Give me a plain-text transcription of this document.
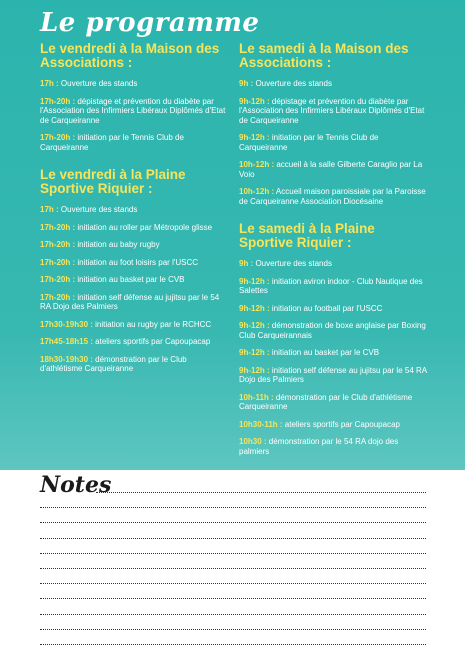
Le programme
Le vendredi à la Maison des Associations :
17h : Ouverture des stands
17h-20h : dépistage et prévention du diabète par l'Association des Infirmiers Libéraux Diplômés d'Etat de Carqueiranne
17h-20h : initiation par le Tennis Club de Carqueiranne
Le vendredi à la Plaine Sportive Riquier :
17h : Ouverture des stands
17h-20h : initiation au roller par Métropole glisse
17h-20h : initiation au baby rugby
17h-20h : initiation au foot loisirs par l'USCC
17h-20h : initiation au basket par le CVB
17h-20h : initiation self défense au jujitsu par le 54 RA Dojo des Palmiers
17h30-19h30 : initiation au rugby par le RCHCC
17h45-18h15 : ateliers sportifs par Capoupacap
18h30-19h30 : démonstration par le Club d'athlétisme Carqueiranne
Le samedi à la Maison des Associations :
9h : Ouverture des stands
9h-12h : dépistage et prévention du diabète par l'Association des Infirmiers Libéraux Diplômés d'Etat de Carqueiranne
9h-12h : initiation par le Tennis Club de Carqueiranne
10h-12h : accueil à la salle Gilberte Caraglio par La Voio
10h-12h : Accueil maison paroissiale par la Paroisse de Carqueiranne Association Diocésaine
Le samedi à la Plaine Sportive Riquier :
9h : Ouverture des stands
9h-12h : initiation aviron indoor - Club Nautique des Salettes
9h-12h : initiation au football par l'USCC
9h-12h : démonstration de boxe anglaise par Boxing Club Carqueirannais
9h-12h : initiation au basket par le CVB
9h-12h : initiation self défense au jujitsu par le 54 RA Dojo des Palmiers
10h-11h : démonstration par le Club d'athlétisme Carqueiranne
10h30-11h : ateliers sportifs par Capoupacap
10h30 : démonstration par le 54 RA dojo des palmiers
Notes
